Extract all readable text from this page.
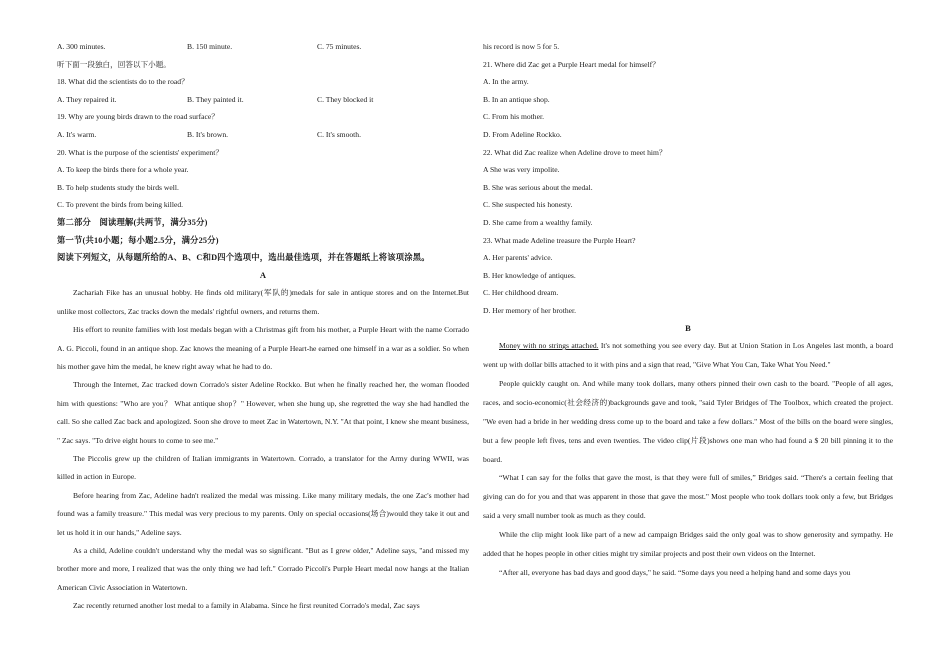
A. 300 minutes.	B. 150 minute.	C. 75 minutes.
听下面一段独白，回答以下小题。
18. What did the scientists do to the road？
A. They repaired it.	B. They painted it.	C. They blocked it
19. Why are young birds drawn to the road surface？
A. It's warm.	B. It's brown.	C. It's smooth.
20. What is the purpose of the scientists' experiment？
A. To keep the birds there for a whole year.
B. To help students study the birds well.
C. To prevent the birds from being killed.
第二部分　阅读理解(共两节，满分35分)
第一节(共10小题；每小题2.5分，满分25分)
阅读下列短文，从每题所给的A、B、C和D四个选项中，选出最佳选项，并在答题纸上将该项涂黑。
A

Zachariah Fike has an unusual hobby. He finds old military(军队的)medals for sale in antique stores and on the Internet.But unlike most collectors, Zac tracks down the medals' rightful owners, and returns them.

His effort to reunite families with lost medals began with a Christmas gift from his mother, a Purple Heart with the name Corrado A. G. Piccoli, found in an antique shop. Zac knows the meaning of a Purple Heart-he earned one himself in a war as a soldier. So when his mother gave him the medal, he knew right away what he had to do.

Through the Internet, Zac tracked down Corrado's sister Adeline Rockko. But when he finally reached her, the woman flooded him with questions: "Who are you？ What antique shop？" However, when she hung up, she regretted the way she had handled the call. So she called Zac back and apologized. Soon she drove to meet Zac in Watertown, N.Y. "At that point, I knew she meant business, " Zac says. "To drive eight hours to come to see me."

The Piccolis grew up the children of Italian immigrants in Watertown. Corrado, a translator for the Army during WWII, was killed in action in Europe.

Before hearing from Zac, Adeline hadn't realized the medal was missing. Like many military medals, the one Zac's mother had found was a family treasure." This medal was very precious to my parents. Only on special occasions(场合)would they take it out and let us hold it in our hands," Adeline says.

As a child, Adeline couldn't understand why the medal was so significant. "But as I grew older," Adeline says, "and missed my brother more and more, I realized that was the only thing we had left." Corrado Piccoli's Purple Heart medal now hangs at the Italian American Civic Association in Watertown.

Zac recently returned another lost medal to a family in Alabama. Since he first reunited Corrado's medal, Zac says

his record is now 5 for 5.
21. Where did Zac get a Purple Heart medal for himself？
A. In the army.
B. In an antique shop.
C. From his mother.
D. From Adeline Rockko.
22. What did Zac realize when Adeline drove to meet him？
A She was very impolite.
B. She was serious about the medal.
C. She suspected his honesty.
D. She came from a wealthy family.
23. What made Adeline treasure the Purple Heart?
A. Her parents' advice.
B. Her knowledge of antiques.
C. Her childhood dream.
D. Her memory of her brother.
B

Money with no strings attached. It's not something you see every day. But at Union Station in Los Angeles last month, a board went up with dollar bills attached to it with pins and a sign that read, "Give What You Can, Take What You Need."

People quickly caught on. And while many took dollars, many others pinned their own cash to the board. "People of all ages, races, and socio-economic(社会经济的)backgrounds gave and took, "said Tyler Bridges of The Toolbox, which created the project. "We even had a bride in her wedding dress come up to the board and take a few dollars." Most of the bills on the board were singles, but a few people left fives, tens and even twenties. The video clip(片段)shows one man who had found a $ 20 bill pinning it to the board.

“What I can say for the folks that gave the most, is that they were full of smiles,” Bridges said. “There's a certain feeling that giving can do for you and that was apparent in those that gave the most." Most people who took dollars took only a few, but Bridges said a very small number took as much as they could.

While the clip might look like part of a new ad campaign Bridges said the only goal was to show generosity and sympathy. He added that he hopes people in other cities might try similar projects and post their own videos on the Internet.

“After all, everyone has bad days and good days," he said. “Some days you need a helping hand and some days you
